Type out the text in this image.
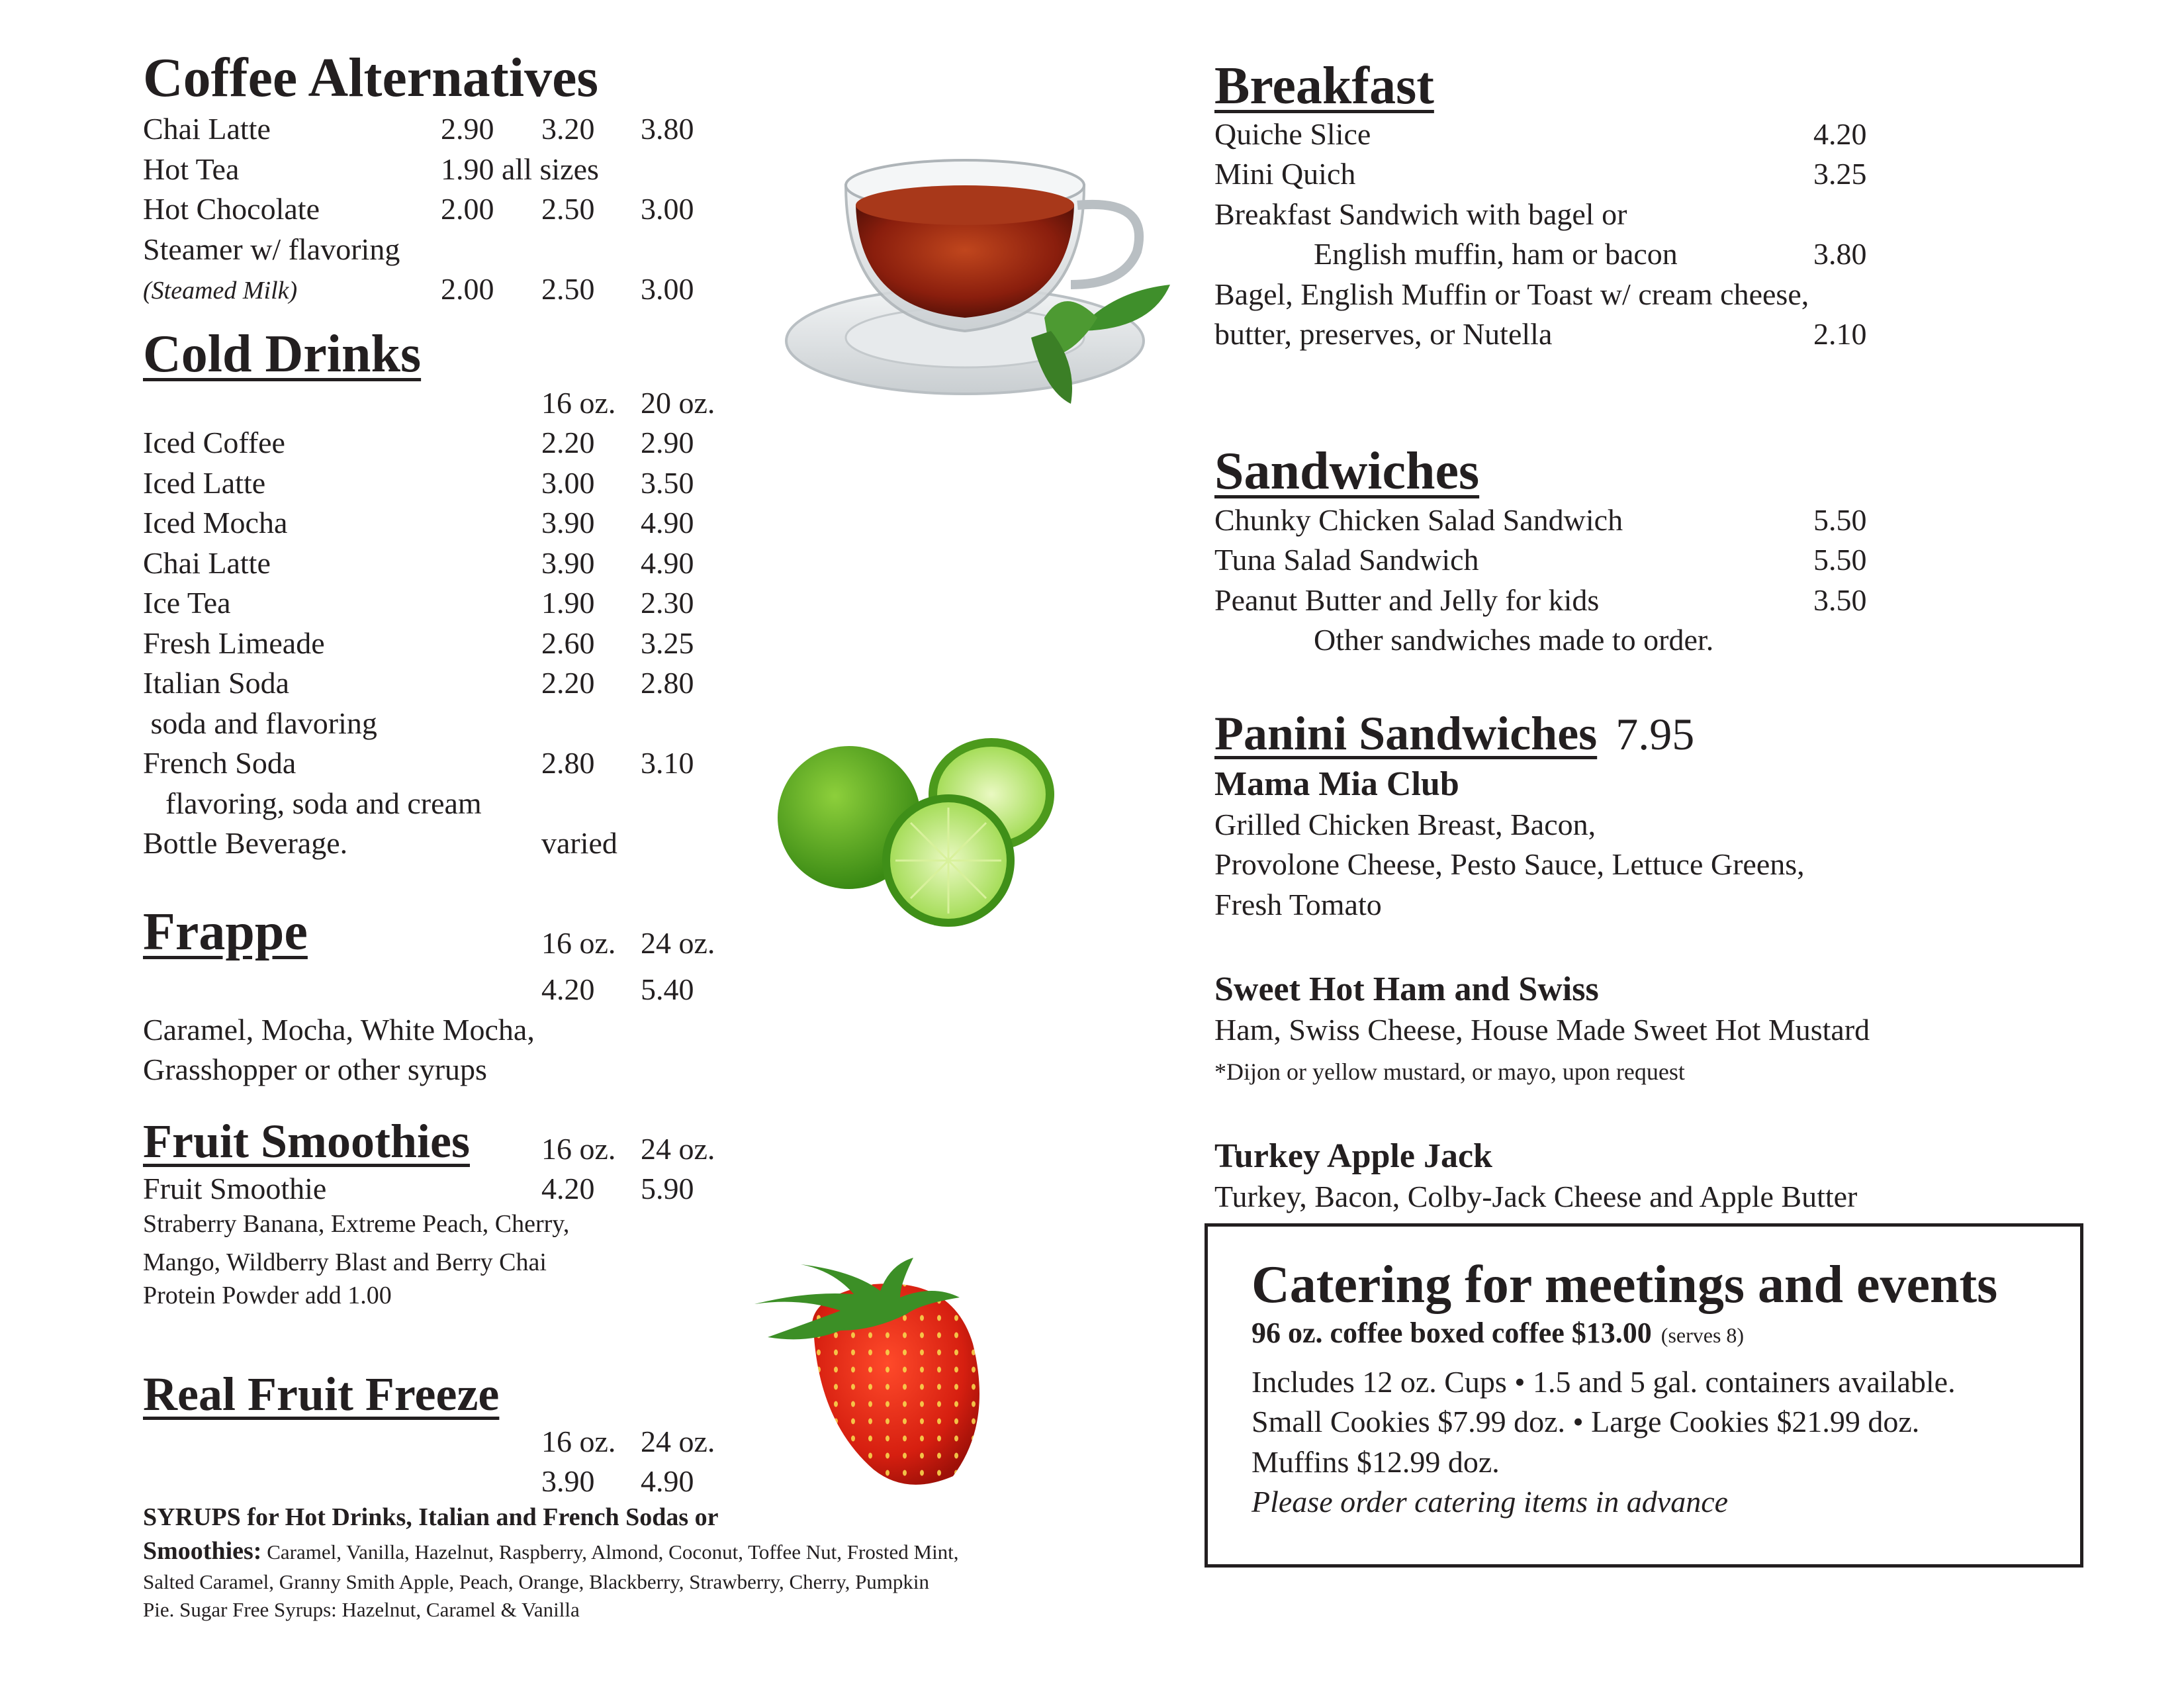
Coffee Alternatives
Chai Latte	2.90 3.20 3.80
Hot Tea	1.90 all sizes
Hot Chocolate	2.00 2.50 3.00
Steamer w/ flavoring
(Steamed Milk)	2.00 2.50 3.00
Cold Drinks
16 oz. 20 oz.
Iced Coffee	2.20 2.90
Iced Latte	3.00 3.50
Iced Mocha	3.90 4.90
Chai Latte	3.90 4.90
Ice Tea	1.90 2.30
Fresh Limeade	2.60 3.25
Italian Soda	2.20 2.80
soda and flavoring
French Soda	2.80 3.10
flavoring, soda and cream
Bottle Beverage.	varied
Frappe	16 oz. 24 oz.
4.20 5.40
Caramel, Mocha, White Mocha,
Grasshopper or other syrups
Fruit Smoothies 16 oz. 24 oz.
Fruit Smoothie	4.20 5.90
Straberry Banana, Extreme Peach, Cherry,
Mango, Wildberry Blast and Berry Chai
Protein Powder add 1.00
Real Fruit Freeze
16 oz. 24 oz.
3.90 4.90
SYRUPS for Hot Drinks, Italian and French Sodas or
Smoothies: Caramel, Vanilla, Hazelnut, Raspberry, Almond, Coconut, Toffee Nut, Frosted Mint, Salted Caramel, Granny Smith Apple, Peach, Orange, Blackberry, Strawberry, Cherry, Pumpkin Pie. Sugar Free Syrups: Hazelnut, Caramel & Vanilla
Breakfast
Quiche Slice	4.20
Mini Quich	3.25
Breakfast Sandwich with bagel or
English muffin, ham or bacon	3.80
Bagel, English Muffin or Toast w/ cream cheese,
butter, preserves, or Nutella	2.10
Sandwiches
Chunky Chicken Salad Sandwich	5.50
Tuna Salad Sandwich	5.50
Peanut Butter and Jelly for kids	3.50
Other sandwiches made to order.
Panini Sandwiches 7.95
Mama Mia Club
Grilled Chicken Breast, Bacon,
Provolone Cheese, Pesto Sauce, Lettuce Greens,
Fresh Tomato
Sweet Hot Ham and Swiss
Ham, Swiss Cheese, House Made Sweet Hot Mustard
*Dijon or yellow mustard, or mayo, upon request
Turkey Apple Jack
Turkey, Bacon, Colby-Jack Cheese and Apple Butter
Catering for meetings and events
96 oz. coffee boxed coffee $13.00 (serves 8)
Includes 12 oz. Cups • 1.5 and 5 gal. containers available.
Small Cookies $7.99 doz. • Large Cookies $21.99 doz.
Muffins $12.99 doz.
Please order catering items in advance
